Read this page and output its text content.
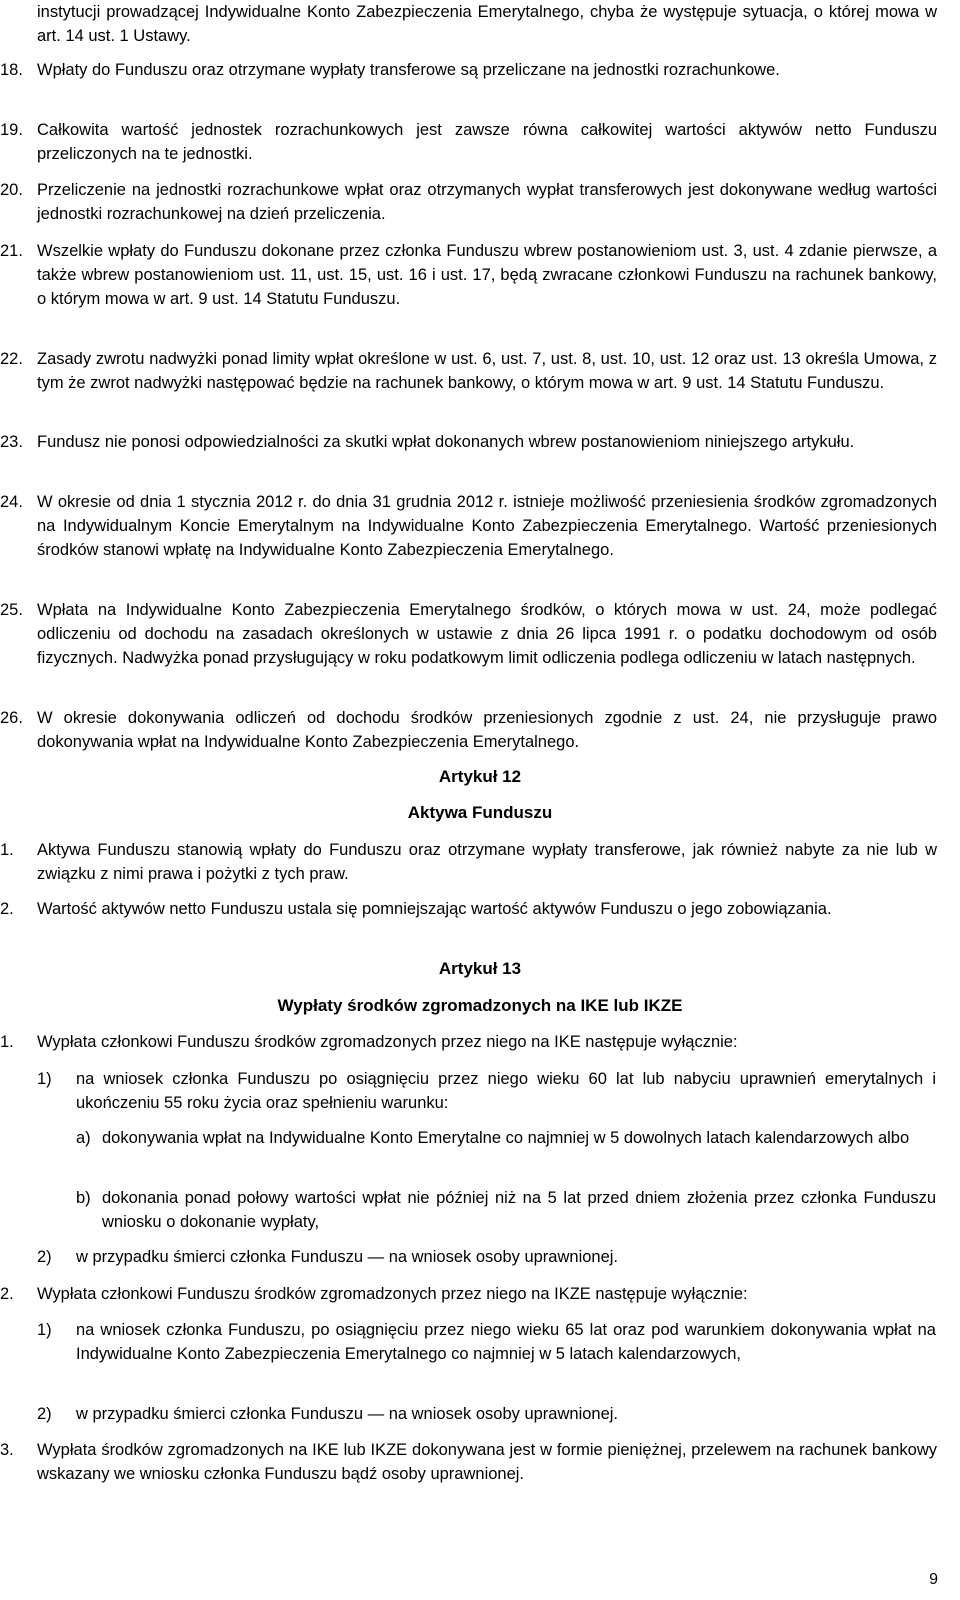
instytucji prowadzącej Indywidualne Konto Zabezpieczenia Emerytalnego, chyba że występuje sytuacja, o której mowa w art. 14 ust. 1 Ustawy.
18. Wpłaty do Funduszu oraz otrzymane wypłaty transferowe są przeliczane na jednostki rozrachunkowe.
19. Całkowita wartość jednostek rozrachunkowych jest zawsze równa całkowitej wartości aktywów netto Funduszu przeliczonych na te jednostki.
20. Przeliczenie na jednostki rozrachunkowe wpłat oraz otrzymanych wypłat transferowych jest dokonywane według wartości jednostki rozrachunkowej na dzień przeliczenia.
21. Wszelkie wpłaty do Funduszu dokonane przez członka Funduszu wbrew postanowieniom ust. 3, ust. 4 zdanie pierwsze, a także wbrew postanowieniom ust. 11, ust. 15, ust. 16 i ust. 17, będą zwracane członkowi Funduszu na rachunek bankowy, o którym mowa w art. 9 ust. 14 Statutu Funduszu.
22. Zasady zwrotu nadwyżki ponad limity wpłat określone w ust. 6, ust. 7, ust. 8, ust. 10, ust. 12 oraz ust. 13 określa Umowa, z tym że zwrot nadwyżki następować będzie na rachunek bankowy, o którym mowa w art. 9 ust. 14 Statutu Funduszu.
23. Fundusz nie ponosi odpowiedzialności za skutki wpłat dokonanych wbrew postanowieniom niniejszego artykułu.
24. W okresie od dnia 1 stycznia 2012 r. do dnia 31 grudnia 2012 r. istnieje możliwość przeniesienia środków zgromadzonych na Indywidualnym Koncie Emerytalnym na Indywidualne Konto Zabezpieczenia Emerytalnego. Wartość przeniesionych środków stanowi wpłatę na Indywidualne Konto Zabezpieczenia Emerytalnego.
25. Wpłata na Indywidualne Konto Zabezpieczenia Emerytalnego środków, o których mowa w ust. 24, może podlegać odliczeniu od dochodu na zasadach określonych w ustawie z dnia 26 lipca 1991 r. o podatku dochodowym od osób fizycznych. Nadwyżka ponad przysługujący w roku podatkowym limit odliczenia podlega odliczeniu w latach następnych.
26. W okresie dokonywania odliczeń od dochodu środków przeniesionych zgodnie z ust. 24, nie przysługuje prawo dokonywania wpłat na Indywidualne Konto Zabezpieczenia Emerytalnego.
Artykuł 12
Aktywa Funduszu
1. Aktywa Funduszu stanowią wpłaty do Funduszu oraz otrzymane wypłaty transferowe, jak również nabyte za nie lub w związku z nimi prawa i pożytki z tych praw.
2. Wartość aktywów netto Funduszu ustala się pomniejszając wartość aktywów Funduszu o jego zobowiązania.
Artykuł 13
Wypłaty środków zgromadzonych na IKE lub IKZE
1. Wypłata członkowi Funduszu środków zgromadzonych przez niego na IKE następuje wyłącznie:
1) na wniosek członka Funduszu po osiągnięciu przez niego wieku 60 lat lub nabyciu uprawnień emerytalnych i ukończeniu 55 roku życia oraz spełnieniu warunku:
a) dokonywania wpłat na Indywidualne Konto Emerytalne co najmniej w 5 dowolnych latach kalendarzowych albo
b) dokonania ponad połowy wartości wpłat nie później niż na 5 lat przed dniem złożenia przez członka Funduszu wniosku o dokonanie wypłaty,
2) w przypadku śmierci członka Funduszu — na wniosek osoby uprawnionej.
2. Wypłata członkowi Funduszu środków zgromadzonych przez niego na IKZE następuje wyłącznie:
1) na wniosek członka Funduszu, po osiągnięciu przez niego wieku 65 lat oraz pod warunkiem dokonywania wpłat na Indywidualne Konto Zabezpieczenia Emerytalnego co najmniej w 5 latach kalendarzowych,
2) w przypadku śmierci członka Funduszu — na wniosek osoby uprawnionej.
3. Wypłata środków zgromadzonych na IKE lub IKZE dokonywana jest w formie pieniężnej, przelewem na rachunek bankowy wskazany we wniosku członka Funduszu bądź osoby uprawnionej.
9
